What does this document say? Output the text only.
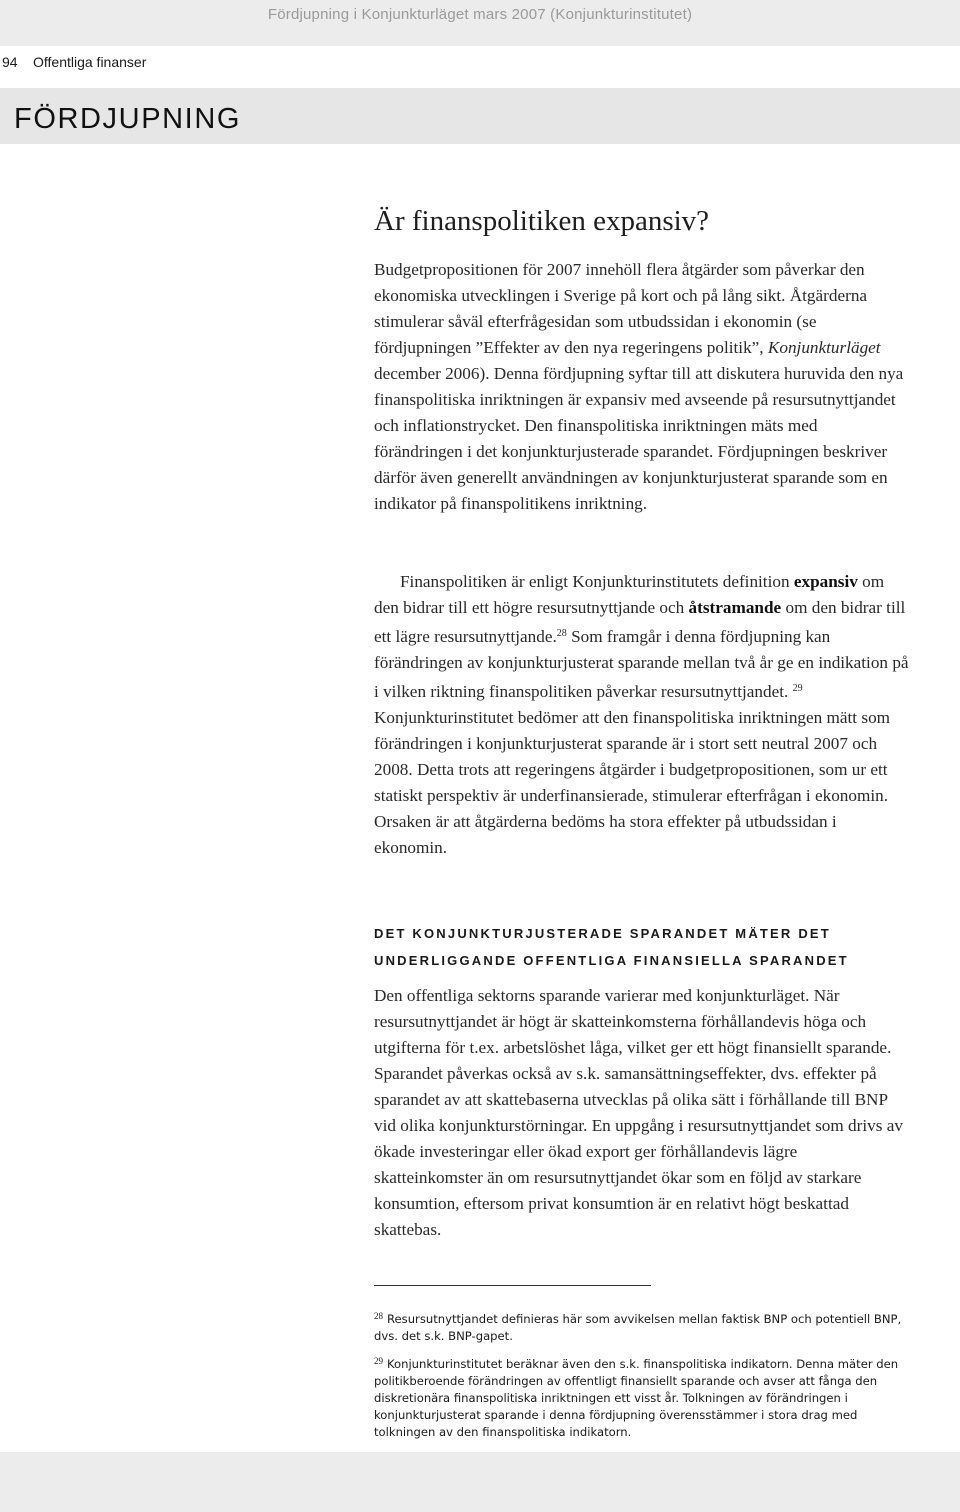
Fördjupning i Konjunkturläget mars 2007 (Konjunkturinstitutet)
94 Offentliga finanser
FÖRDJUPNING
Är finanspolitiken expansiv?

Budgetpropositionen för 2007 innehöll flera åtgärder som påverkar den ekonomiska utvecklingen i Sverige på kort och på lång sikt. Åtgärderna stimulerar såväl efterfrågesidan som utbudssidan i ekonomin (se fördjupningen ”Effekter av den nya regeringens politik”, Konjunkturläget december 2006). Denna fördjupning syftar till att diskutera huruvida den nya finanspolitiska inriktningen är expansiv med avseende på resursutnyttjandet och inflationstrycket. Den finanspolitiska inriktningen mäts med förändringen i det konjunkturjusterade sparandet. Fördjupningen beskriver därför även generellt användningen av konjunkturjusterat sparande som en indikator på finanspolitikens inriktning.

Finanspolitiken är enligt Konjunkturinstitutets definition expansiv om den bidrar till ett högre resursutnyttjande och åtstramande om den bidrar till ett lägre resursutnyttjande.$^{28}$ Som framgår i denna fördjupning kan förändringen av konjunkturjusterat sparande mellan två år ge en indikation på i vilken riktning finanspolitiken påverkar resursutnyttjandet. $^{29}$ Konjunkturinstitutet bedömer att den finanspolitiska inriktningen mätt som förändringen i konjunkturjusterat sparande är i stort sett neutral 2007 och 2008. Detta trots att regeringens åtgärder i budgetpropositionen, som ur ett statiskt perspektiv är underfinansierade, stimulerar efterfrågan i ekonomin. Orsaken är att åtgärderna bedöms ha stora effekter på utbudssidan i ekonomin.

DET KONJUNKTURJUSTERADE SPARANDET MÄTER DET UNDERLIGGANDE OFFENTLIGA FINANSIELLA SPARANDET

Den offentliga sektorns sparande varierar med konjunkturläget. När resursutnyttjandet är högt är skatteinkomsterna förhållandevis höga och utgifterna för t.ex. arbetslöshet låga, vilket ger ett högt finansiellt sparande. Sparandet påverkas också av s.k. samansättningseffekter, dvs. effekter på sparandet av att skattebaserna utvecklas på olika sätt i förhållande till BNP vid olika konjunkturstörningar. En uppgång i resursutnyttjandet som drivs av ökade investeringar eller ökad export ger förhållandevis lägre skatteinkomster än om resursutnyttjandet ökar som en följd av starkare konsumtion, eftersom privat konsumtion är en relativt högt beskattad skattebas.

$^{28}$ Resursutnyttjandet definieras här som avvikelsen mellan faktisk BNP och potentiell BNP, dvs. det s.k. BNP-gapet.
$^{29}$ Konjunkturinstitutet beräknar även den s.k. finanspolitiska indikatorn. Denna mäter den politikberoende förändringen av offentligt finansiellt sparande och avser att fånga den diskretionära finanspolitiska inriktningen ett visst år. Tolkningen av förändringen i konjunkturjusterat sparande i denna fördjupning överensstämmer i stora drag med tolkningen av den finanspolitiska indikatorn.
